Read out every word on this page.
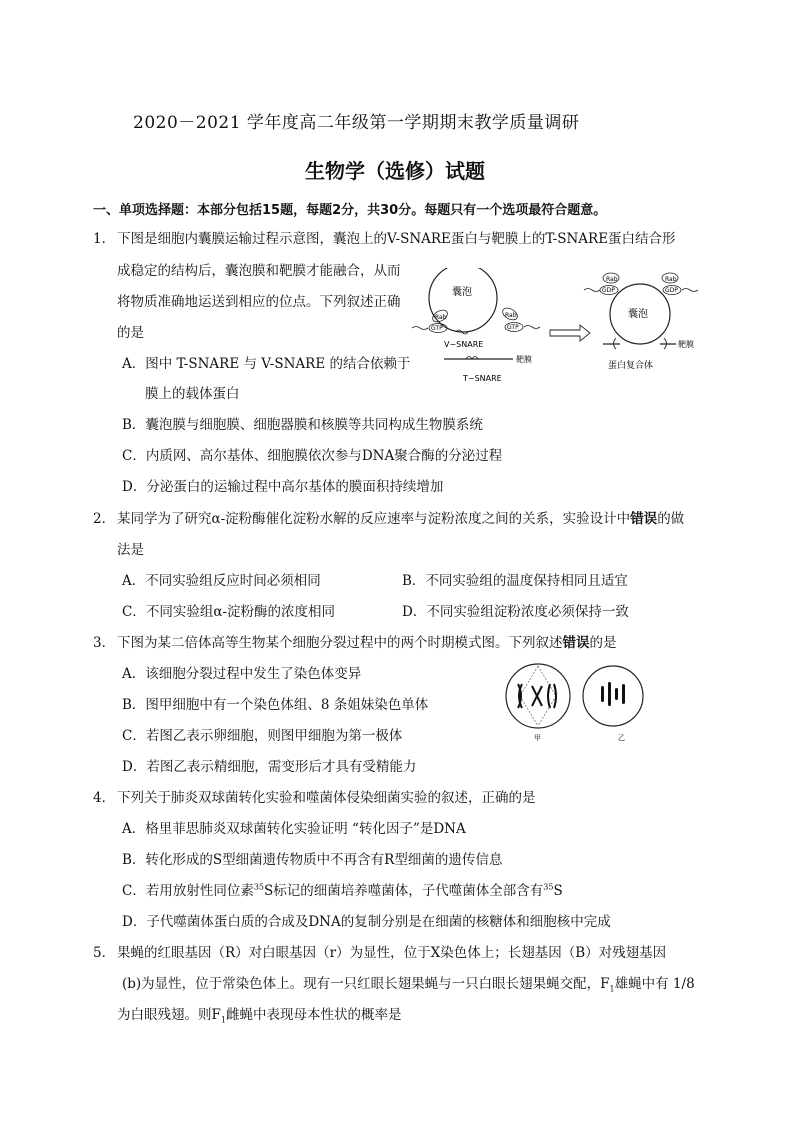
2020－2021 学年度高二年级第一学期期末教学质量调研
生物学（选修）试题
一、单项选择题：本部分包括15题，每题2分，共30分。每题只有一个选项最符合题意。
1． 下图是细胞内囊膜运输过程示意图，囊泡上的V-SNARE蛋白与靶膜上的T-SNARE蛋白结合形
成稳定的结构后，囊泡膜和靶膜才能融合，从而
将物质准确地运送到相应的位点。下列叙述正确
的是
A．图中 T-SNARE 与 V-SNARE 的结合依赖于
膜上的载体蛋白
B．囊泡膜与细胞膜、细胞器膜和核膜等共同构成生物膜系统
C．内质网、高尔基体、细胞膜依次参与DNA聚合酶的分泌过程
D．分泌蛋白的运输过程中高尔基体的膜面积持续增加
囊泡
Rab
GTP
Rab
GTP
V−SNARE
靶膜
T−SNARE
囊泡
Rab
GDP
Rab
GDP
靶膜
蛋白复合体
2． 某同学为了研究α-淀粉酶催化淀粉水解的反应速率与淀粉浓度之间的关系，实验设计中错误的做
法是
A．不同实验组反应时间必须相同	B．不同实验组的温度保持相同且适宜
C．不同实验组α-淀粉酶的浓度相同	D．不同实验组淀粉浓度必须保持一致
3． 下图为某二倍体高等生物某个细胞分裂过程中的两个时期模式图。下列叙述错误的是
A．该细胞分裂过程中发生了染色体变异
B．图甲细胞中有一个染色体组、8 条姐妹染色单体
C．若图乙表示卵细胞，则图甲细胞为第一极体
D．若图乙表示精细胞，需变形后才具有受精能力
甲	乙
4． 下列关于肺炎双球菌转化实验和噬菌体侵染细菌实验的叙述，正确的是
A．格里菲思肺炎双球菌转化实验证明 “转化因子”是DNA
B．转化形成的S型细菌遗传物质中不再含有R型细菌的遗传信息
C．若用放射性同位素$^{35}$S标记的细菌培养噬菌体，子代噬菌体全部含有$^{35}$S
D．子代噬菌体蛋白质的合成及DNA的复制分别是在细菌的核糖体和细胞核中完成
5． 果蝇的红眼基因（R）对白眼基因（r）为显性，位于X染色体上；长翅基因（B）对残翅基因
(b)为显性，位于常染色体上。现有一只红眼长翅果蝇与一只白眼长翅果蝇交配，$F_1$雄蝇中有 1/8
为白眼残翅。则$F_1$雌蝇中表现母本性状的概率是
